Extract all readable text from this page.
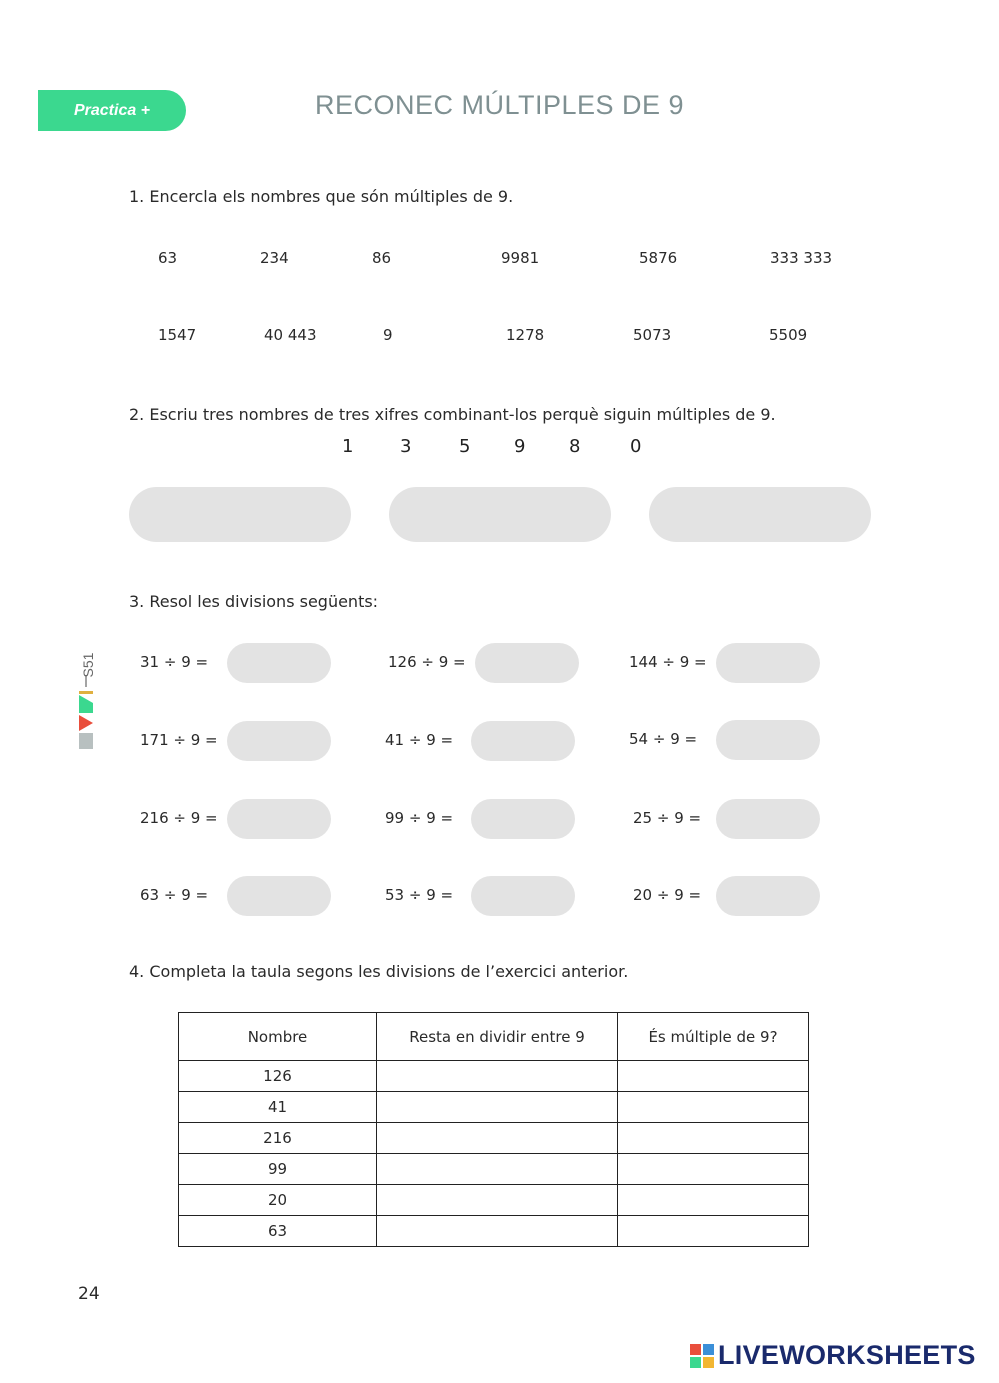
Practica +	RECONEC MÚLTIPLES DE 9
S51
1. Encercla els nombres que són múltiples de 9.
63	234	86	9981	5876	333 333
1547	40 443	9	1278	5073	5509
2. Escriu tres nombres de tres xifres combinant-los perquè siguin múltiples de 9.
1	3	5 9 8	0
3. Resol les divisions següents:
31 ÷ 9 =	126 ÷ 9 =	144 ÷ 9 =
171 ÷ 9 =	41 ÷ 9 =	54 ÷ 9 =
216 ÷ 9 =	99 ÷ 9 =	25 ÷ 9 =
63 ÷ 9 =	53 ÷ 9 =	20 ÷ 9 =
4. Completa la taula segons les divisions de l’exercici anterior.
Nombre	Resta en dividir entre 9	És múltiple de 9?
126		
41		
216		
99		
20		
63		
24
LIVEWORKSHEETS
